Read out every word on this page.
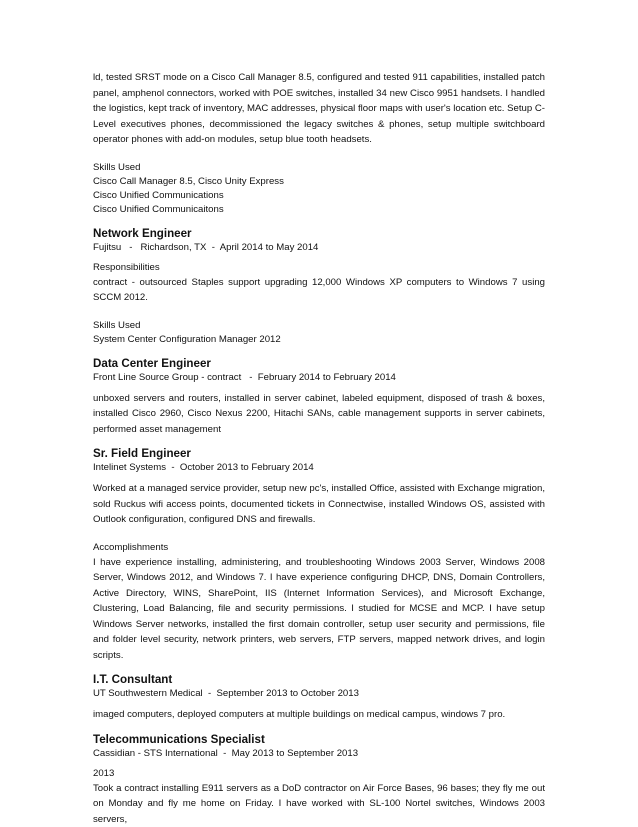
ld, tested SRST mode on a Cisco Call Manager 8.5, configured and tested 911 capabilities, installed patch panel, amphenol connectors, worked with POE switches, installed 34 new Cisco 9951 handsets. I handled the logistics, kept track of inventory, MAC addresses, physical floor maps with user's location etc. Setup C-Level executives phones, decommissioned the legacy switches & phones, setup multiple switchboard operator phones with add-on modules, setup blue tooth headsets.

Skills Used

Cisco Call Manager 8.5, Cisco Unity Express

Cisco Unified Communications

Cisco Unified Communicaitons

Network Engineer

Fujitsu   -   Richardson, TX  -  April 2014 to May 2014

Responsibilities

contract - outsourced Staples support upgrading 12,000 Windows XP computers to Windows 7 using SCCM 2012.

Skills Used

System Center Configuration Manager 2012

Data Center Engineer

Front Line Source Group - contract   -  February 2014 to February 2014

unboxed servers and routers, installed in server cabinet, labeled equipment, disposed of trash & boxes, installed Cisco 2960, Cisco Nexus 2200, Hitachi SANs, cable management supports in server cabinets, performed asset management

Sr. Field Engineer

Intelinet Systems  -  October 2013 to February 2014

Worked at a managed service provider, setup new pc's, installed Office, assisted with Exchange migration, sold Ruckus wifi access points, documented tickets in Connectwise, installed Windows OS, assisted with Outlook configuration, configured DNS and firewalls.

Accomplishments

I have experience installing, administering, and troubleshooting Windows 2003 Server, Windows 2008 Server, Windows 2012, and Windows 7. I have experience configuring DHCP, DNS, Domain Controllers, Active Directory, WINS, SharePoint, IIS (Internet Information Services), and Microsoft Exchange, Clustering, Load Balancing, file and security permissions. I studied for MCSE and MCP. I have setup Windows Server networks, installed the first domain controller, setup user security and permissions, file and folder level security, network printers, web servers, FTP servers, mapped network drives, and login scripts.

I.T. Consultant

UT Southwestern Medical  -  September 2013 to October 2013

imaged computers, deployed computers at multiple buildings on medical campus, windows 7 pro.

Telecommunications Specialist

Cassidian - STS International  -  May 2013 to September 2013

2013

Took a contract installing E911 servers as a DoD contractor on Air Force Bases, 96 bases; they fly me out on Monday and fly me home on Friday. I have worked with SL-100 Nortel switches, Windows 2003 servers,
